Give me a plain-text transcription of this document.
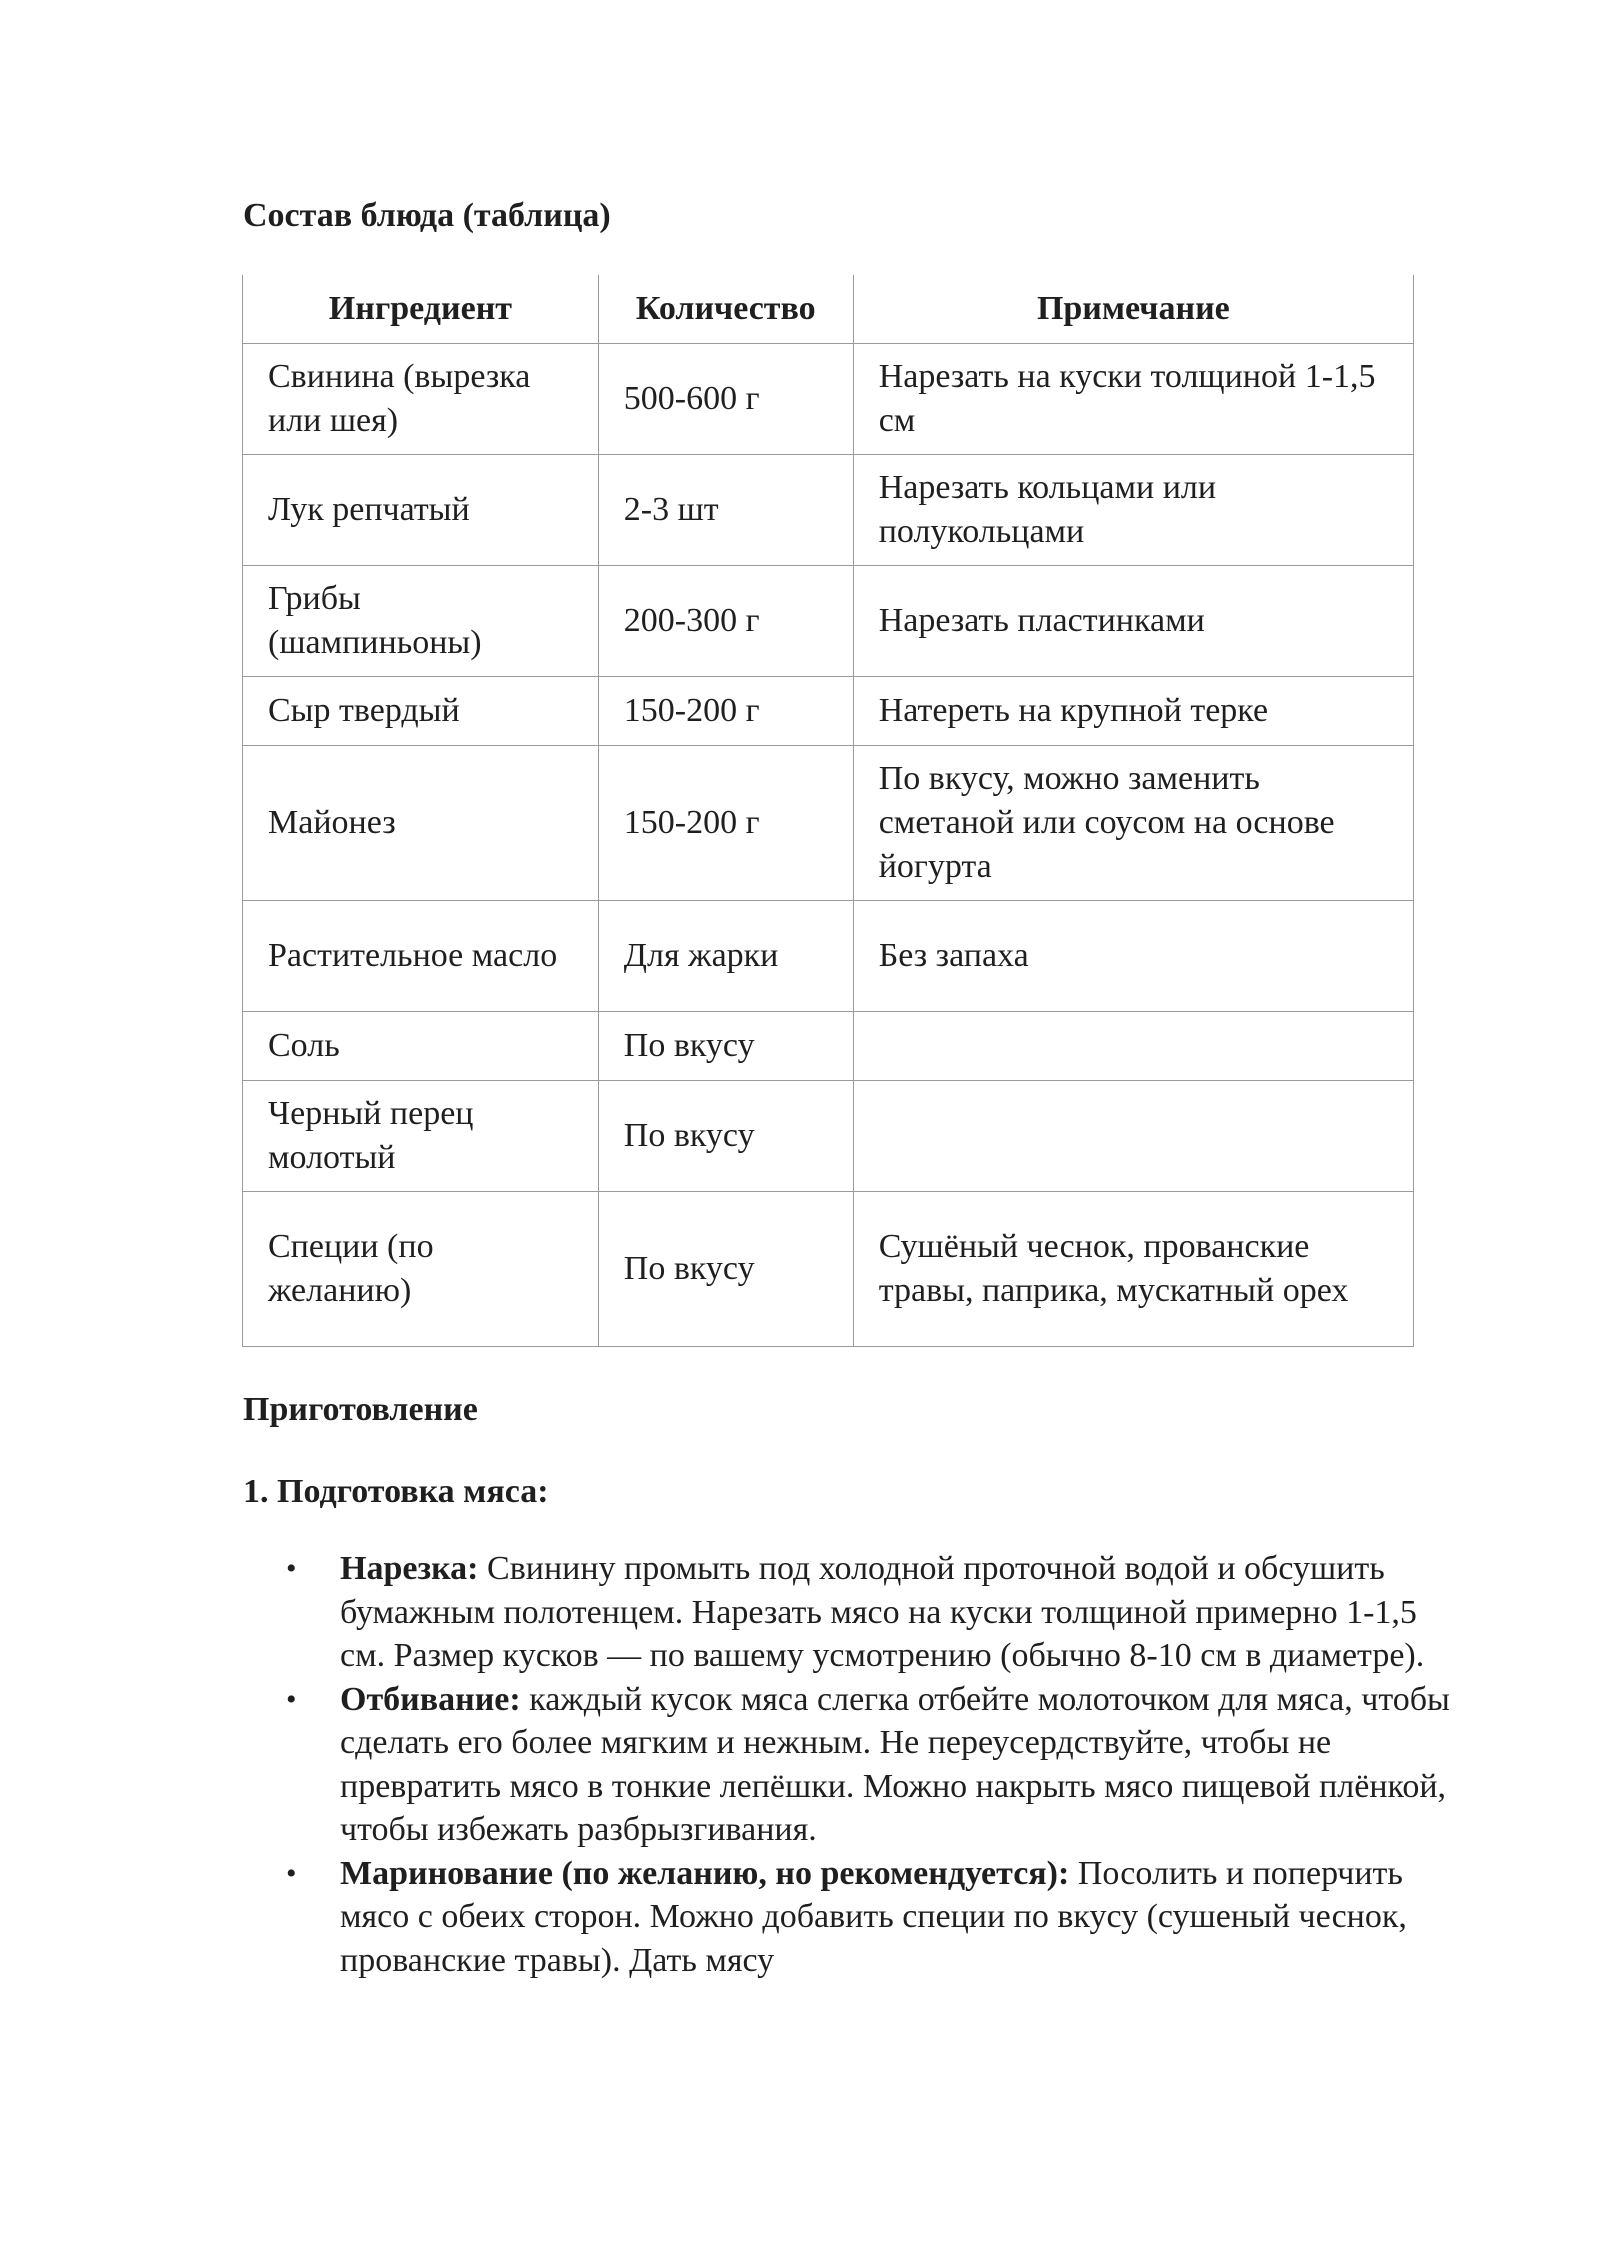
Состав блюда (таблица)
Ингредиент	Количество	Примечание
Свинина (вырезка или шея)	500-600 г	Нарезать на куски толщиной 1-1,5 см
Лук репчатый	2-3 шт	Нарезать кольцами или полукольцами
Грибы (шампиньоны)	200-300 г	Нарезать пластинками
Сыр твердый	150-200 г	Натереть на крупной терке
Майонез	150-200 г	По вкусу, можно заменить сметаной или соусом на основе йогурта
Растительное масло	Для жарки	Без запаха
Соль	По вкусу	
Черный перец молотый	По вкусу	
Специи (по желанию)	По вкусу	Сушёный чеснок, прованские травы, паприка, мускатный орех
Приготовление
1. Подготовка мяса:
• Нарезка: Свинину промыть под холодной проточной водой и обсушить бумажным полотенцем. Нарезать мясо на куски толщиной примерно 1-1,5 см. Размер кусков — по вашему усмотрению (обычно 8-10 см в диаметре).
• Отбивание: каждый кусок мяса слегка отбейте молоточком для мяса, чтобы сделать его более мягким и нежным. Не переусердствуйте, чтобы не превратить мясо в тонкие лепёшки. Можно накрыть мясо пищевой плёнкой, чтобы избежать разбрызгивания.
• Маринование (по желанию, но рекомендуется): Посолить и поперчить мясо с обеих сторон. Можно добавить специи по вкусу (сушеный чеснок, прованские травы). Дать мясу
